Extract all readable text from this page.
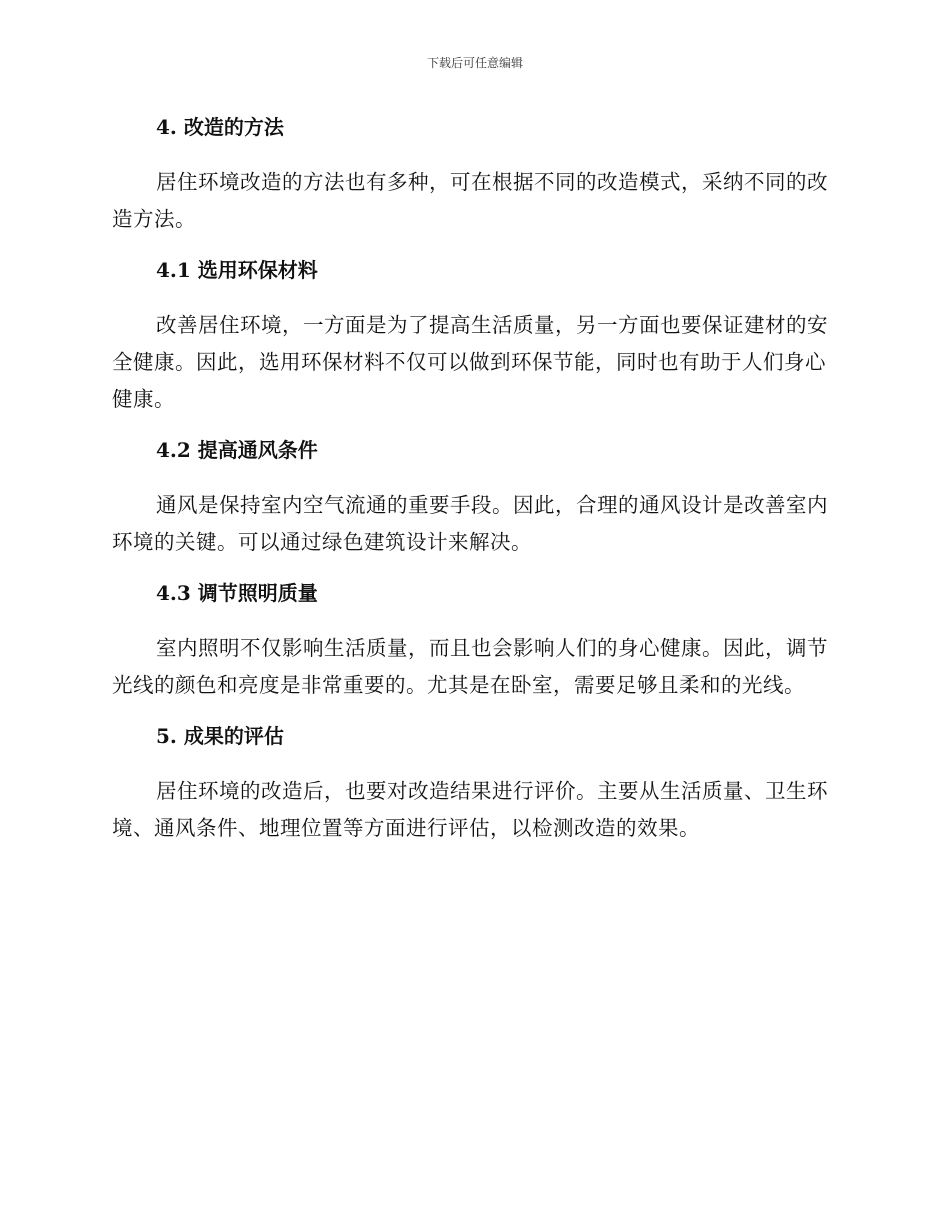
下载后可任意编辑
4. 改造的方法

居住环境改造的方法也有多种，可在根据不同的改造模式，采纳不同的改造方法。

4.1 选用环保材料

改善居住环境，一方面是为了提高生活质量，另一方面也要保证建材的安全健康。因此，选用环保材料不仅可以做到环保节能，同时也有助于人们身心健康。

4.2 提高通风条件

通风是保持室内空气流通的重要手段。因此，合理的通风设计是改善室内环境的关键。可以通过绿色建筑设计来解决。

4.3 调节照明质量

室内照明不仅影响生活质量，而且也会影响人们的身心健康。因此，调节光线的颜色和亮度是非常重要的。尤其是在卧室，需要足够且柔和的光线。

5. 成果的评估

居住环境的改造后，也要对改造结果进行评价。主要从生活质量、卫生环境、通风条件、地理位置等方面进行评估，以检测改造的效果。
